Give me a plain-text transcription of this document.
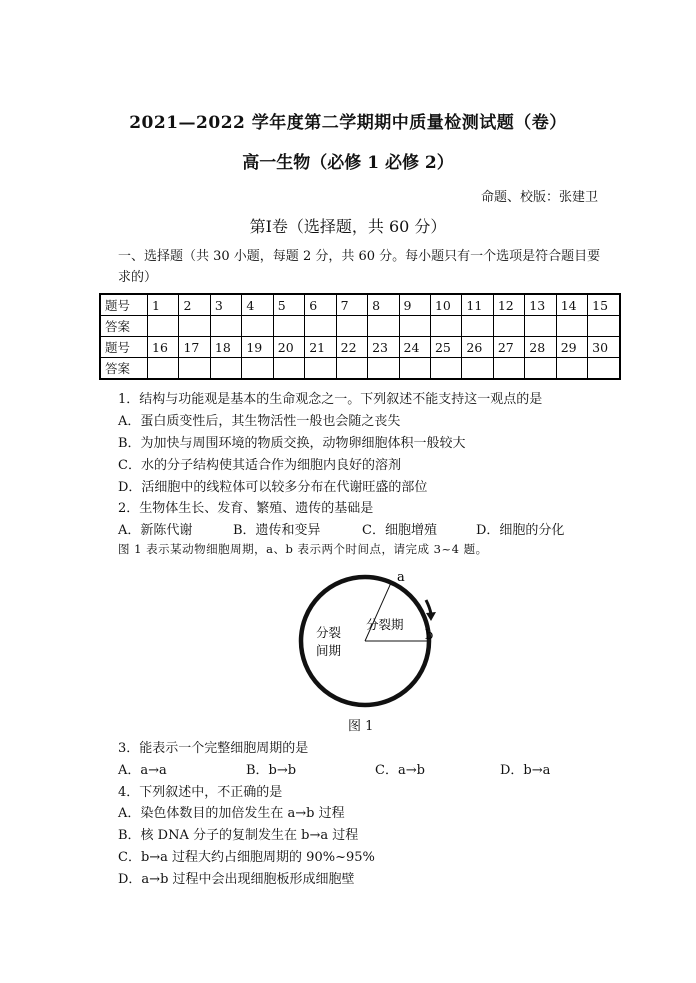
2021—2022 学年度第二学期期中质量检测试题（卷）
高一生物（必修 1 必修 2）
命题、校版：张建卫
第Ⅰ卷（选择题，共 60 分）
一、选择题（共 30 小题，每题 2 分，共 60 分。每小题只有一个选项是符合题目要求的）
题号	1	2	3	4	5	6	7	8	9	10	11	12	13	14	15
答案															
题号	16	17	18	19	20	21	22	23	24	25	26	27	28	29	30
答案															
1．结构与功能观是基本的生命观念之一。下列叙述不能支持这一观点的是
A．蛋白质变性后，其生物活性一般也会随之丧失
B．为加快与周围环境的物质交换，动物卵细胞体积一般较大
C．水的分子结构使其适合作为细胞内良好的溶剂
D．活细胞中的线粒体可以较多分布在代谢旺盛的部位
2．生物体生长、发育、繁殖、遗传的基础是
A．新陈代谢	B．遗传和变异	C．细胞增殖	D．细胞的分化
图 1 表示某动物细胞周期，a、b 表示两个时间点，请完成 3~4 题。
a
b
分裂期
分裂
间期
图 1
3．能表示一个完整细胞周期的是
A．a→a	B．b→b	C．a→b	D．b→a
4．下列叙述中，不正确的是
A．染色体数目的加倍发生在 a→b 过程
B．核 DNA 分子的复制发生在 b→a 过程
C．b→a 过程大约占细胞周期的 90%~95%
D．a→b 过程中会出现细胞板形成细胞壁
